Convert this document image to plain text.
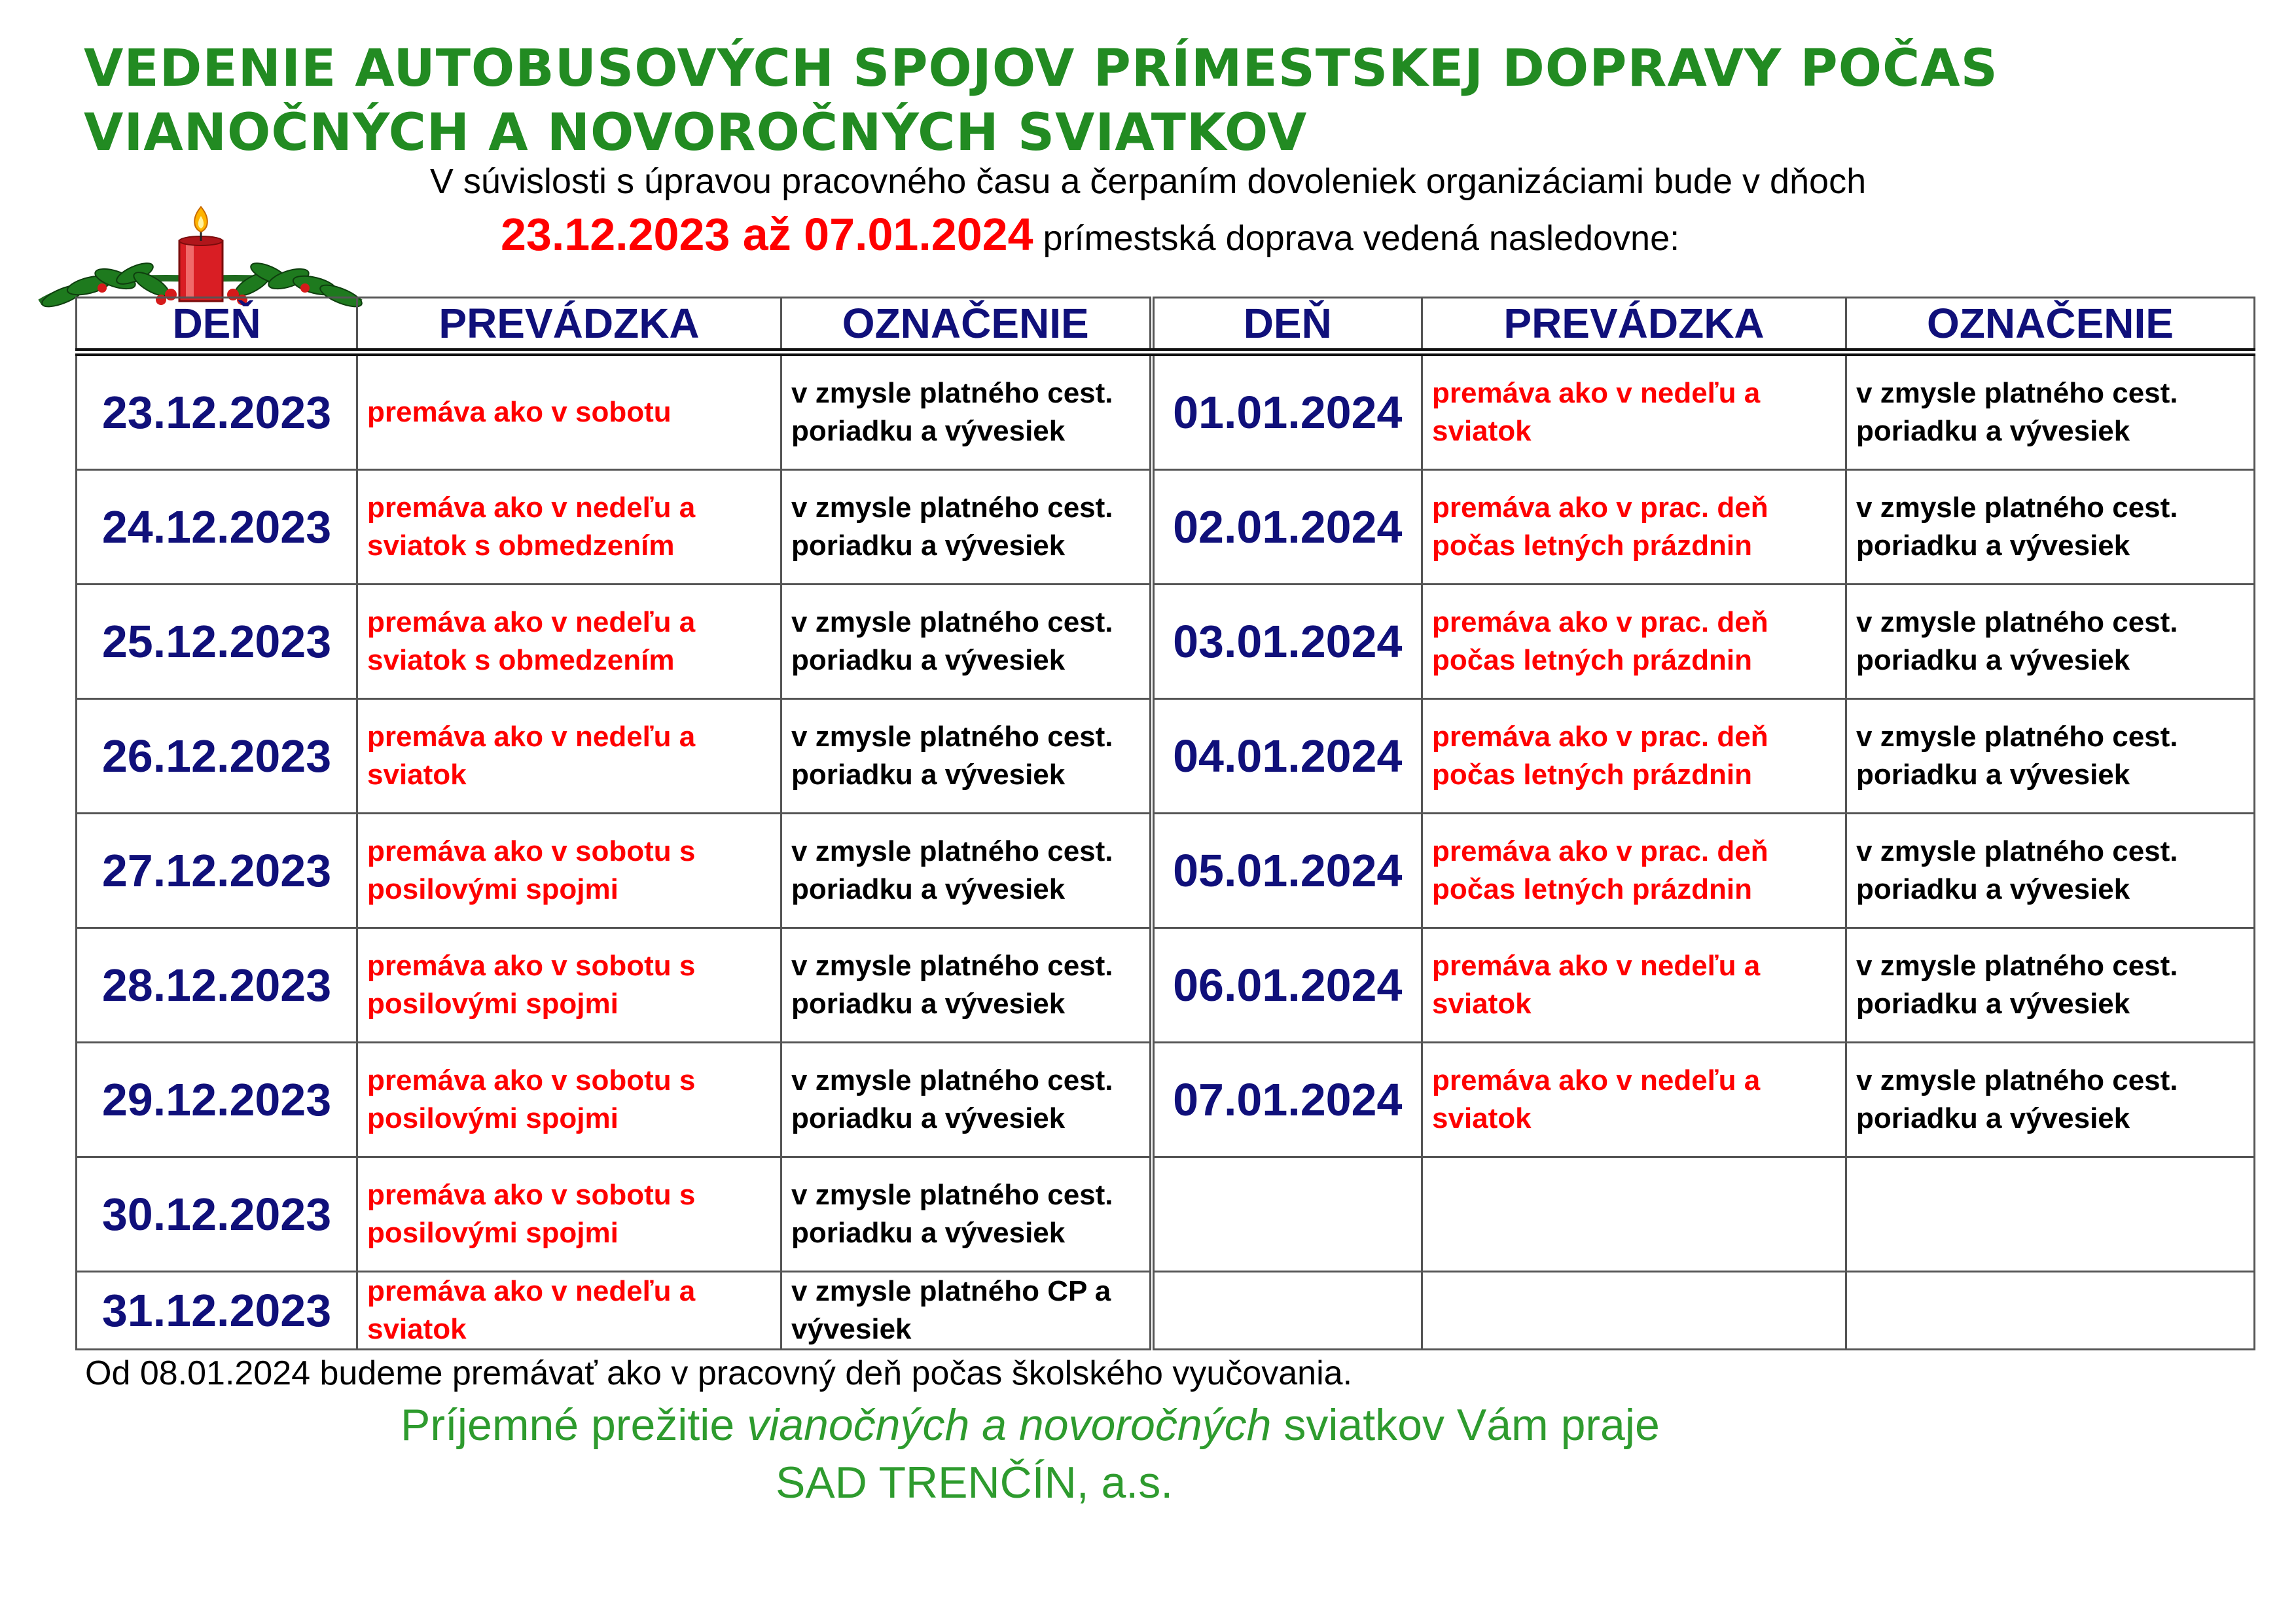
VEDENIE AUTOBUSOVÝCH SPOJOV PRÍMESTSKEJ DOPRAVY POČAS
VIANOČNÝCH A NOVOROČNÝCH SVIATKOV
V súvislosti s úpravou pracovného času a čerpaním dovoleniek organizáciami bude v dňoch
23.12.2023 až 07.01.2024 prímestská doprava vedená nasledovne:
DEŇ	PREVÁDZKA	OZNAČENIE	DEŇ	PREVÁDZKA	OZNAČENIE
23.12.2023	premáva ako v sobotu	v zmysle platného cest. poriadku a vývesiek	01.01.2024	premáva ako v nedeľu a sviatok	v zmysle platného cest. poriadku a vývesiek
24.12.2023	premáva ako v nedeľu a sviatok s obmedzením	v zmysle platného cest. poriadku a vývesiek	02.01.2024	premáva ako v prac. deň počas letných prázdnin	v zmysle platného cest. poriadku a vývesiek
25.12.2023	premáva ako v nedeľu a sviatok s obmedzením	v zmysle platného cest. poriadku a vývesiek	03.01.2024	premáva ako v prac. deň počas letných prázdnin	v zmysle platného cest. poriadku a vývesiek
26.12.2023	premáva ako v nedeľu a sviatok	v zmysle platného cest. poriadku a vývesiek	04.01.2024	premáva ako v prac. deň počas letných prázdnin	v zmysle platného cest. poriadku a vývesiek
27.12.2023	premáva ako v sobotu s posilovými spojmi	v zmysle platného cest. poriadku a vývesiek	05.01.2024	premáva ako v prac. deň počas letných prázdnin	v zmysle platného cest. poriadku a vývesiek
28.12.2023	premáva ako v sobotu s posilovými spojmi	v zmysle platného cest. poriadku a vývesiek	06.01.2024	premáva ako v nedeľu a sviatok	v zmysle platného cest. poriadku a vývesiek
29.12.2023	premáva ako v sobotu s posilovými spojmi	v zmysle platného cest. poriadku a vývesiek	07.01.2024	premáva ako v nedeľu a sviatok	v zmysle platného cest. poriadku a vývesiek
30.12.2023	premáva ako v sobotu s posilovými spojmi	v zmysle platného cest. poriadku a vývesiek			
31.12.2023	premáva ako v nedeľu a sviatok	v zmysle platného CP a vývesiek			
Od 08.01.2024 budeme premávať ako v pracovný deň počas školského vyučovania.
Príjemné prežitie vianočných a novoročných sviatkov Vám praje
SAD TRENČÍN, a.s.
